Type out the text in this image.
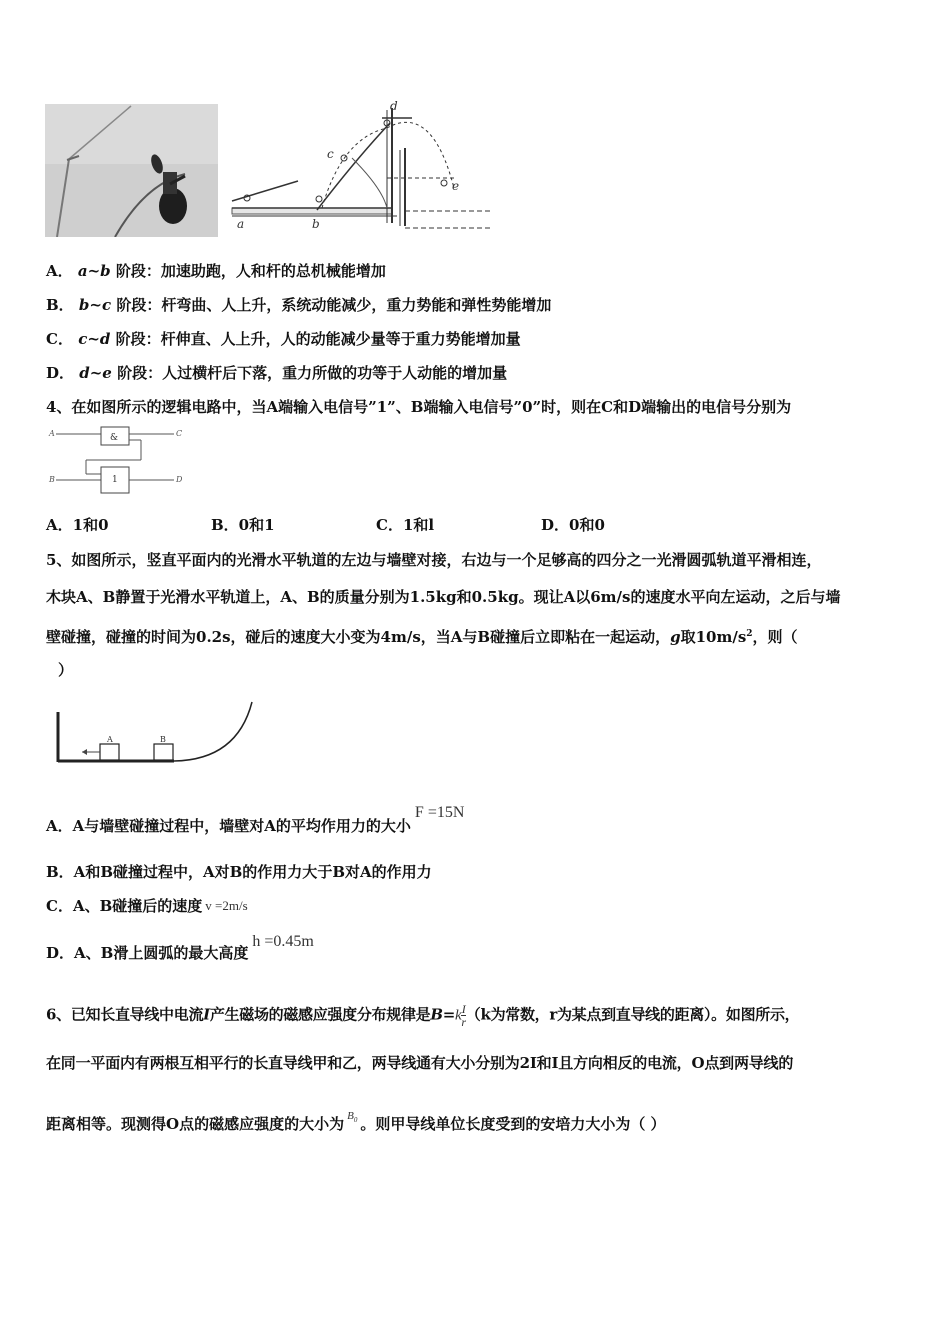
a	b
c
d
e
A． a~b 阶段：加速助跑，人和杆的总机械能增加
B． b~c 阶段：杆弯曲、人上升，系统动能减少，重力势能和弹性势能增加
C． c~d 阶段：杆伸直、人上升，人的动能减少量等于重力势能增加量
D． d~e 阶段：人过横杆后下落，重力所做的功等于人动能的增加量
4、在如图所示的逻辑电路中，当A端输入电信号”1”、B端输入电信号”0”时，则在C和D端输出的电信号分别为
&
1
A
B
C
D
A．1和0	B．0和1	C．1和l	D．0和0
5、如图所示，竖直平面内的光滑水平轨道的左边与墙壁对接，右边与一个足够高的四分之一光滑圆弧轨道平滑相连，
木块A、B静置于光滑水平轨道上，A、B的质量分别为1.5kg和0.5kg。现让A以6m/s的速度水平向左运动，之后与墙
壁碰撞，碰撞的时间为0.2s，碰后的速度大小变为4m/s，当A与B碰撞后立即粘在一起运动，g取$10m/s^2$，则（
）
A	B
A．A与墙壁碰撞过程中，墙壁对A的平均作用力的大小F =15N
B．A和B碰撞过程中，A对B的作用力大于B对A的作用力
C．A、B碰撞后的速度 v =2m/s
D．A、B滑上圆弧的最大高度h =0.45m
6、已知长直导线中电流I产生磁场的磁感应强度分布规律是$B=k \frac{I}{r} (k$为常数，r为某点到直导线的距离）。如图所示，
在同一平面内有两根互相平行的长直导线甲和乙，两导线通有大小分别为2I和I且方向相反的电流，O点到两导线的
距离相等。现测得O点的磁感应强度的大小为 $^{B_0}$ 。则甲导线单位长度受到的安培力大小为（ ）
